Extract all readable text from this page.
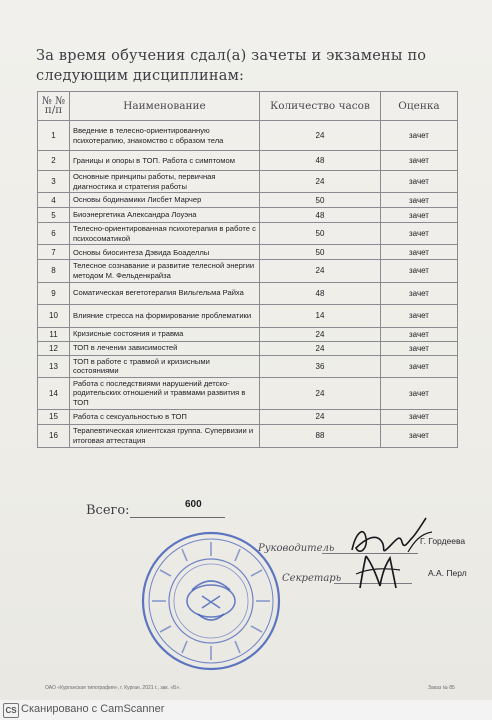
За время обучения сдал(а) зачеты и экзамены по следующим дисциплинам:
№ № п/п	Наименование	Количество часов	Оценка
1	Введение в телесно-ориентированную психотерапию, знакомство с образом тела	24	зачет
2	Границы и опоры в ТОП. Работа с симптомом	48	зачет
3	Основные принципы работы, первичная диагностика и стратегия работы	24	зачет
4	Основы бодинамики Лисбет Марчер	50	зачет
5	Биоэнергетика Александра Лоуэна	48	зачет
6	Телесно-ориентированная психотерапия в работе с психосоматикой	50	зачет
7	Основы биосинтеза Дэвида Боаделлы	50	зачет
8	Телесное сознавание и развитие телесной энергии методом М. Фельденкрайза	24	зачет
9	Соматическая вегетотерапия Вильгельма Райха	48	зачет
10	Влияние стресса на формирование проблематики	14	зачет
11	Кризисные состояния и травма	24	зачет
12	ТОП в лечении зависимостей	24	зачет
13	ТОП в работе с травмой и кризисными состояниями	36	зачет
14	Работа с последствиями нарушений детско-родительских отношений и травмами развития в ТОП	24	зачет
15	Работа с сексуальностью в ТОП	24	зачет
16	Терапевтическая клиентская группа. Супервизии и итоговая аттестация	88	зачет
Всего:	600
Руководитель
Г. Гордеева
Секретарь	А.А. Перл
ОАО «Курганская типография», г. Курган, 2021 г., зак. «Б».	Заказ № 85
CS Сканировано с CamScanner
